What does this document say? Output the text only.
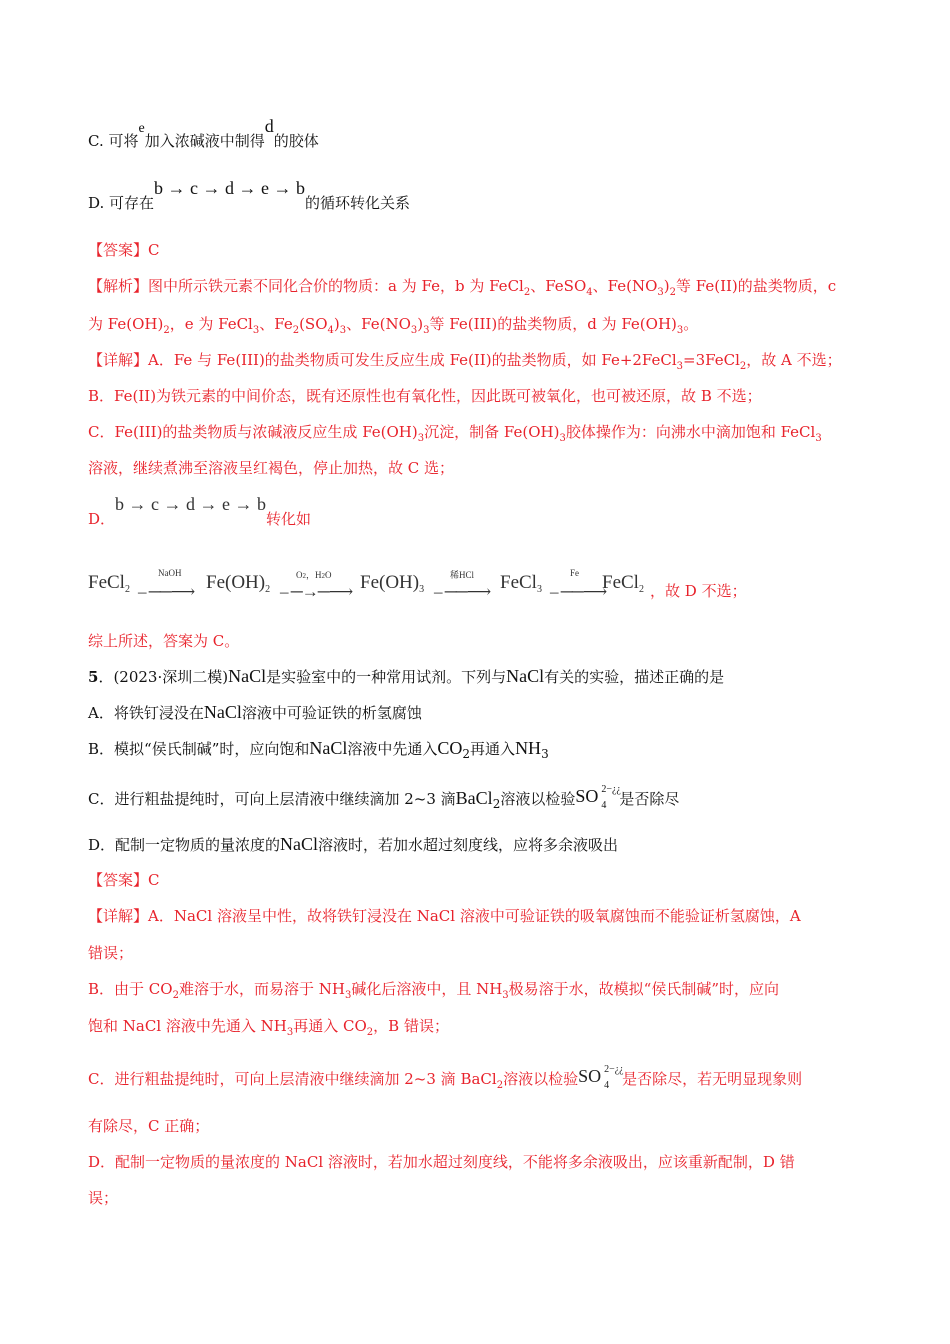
C. 可将e加入浓碱液中制得d的胶体
D. 可存在b → c → d → e → b的循环转化关系
【答案】C
【解析】图中所示铁元素不同化合价的物质：a 为 Fe，b 为 FeCl$_2$、FeSO$_4$、$Fe(NO_3)_2$等 Fe(II)的盐类物质，c
为 $Fe(OH)_2$，e 为 FeCl$_3$、$Fe_2(SO_4)_3$、$Fe(NO_3)_3$等 Fe(III)的盐类物质，d 为 $Fe(OH)_3$。
【详解】A．Fe 与 Fe(III)的盐类物质可发生反应生成 Fe(II)的盐类物质，如 Fe+2FeCl$_3$=3FeCl$_2$，故 A 不选；
B．Fe(II)为铁元素的中间价态，既有还原性也有氧化性，因此既可被氧化，也可被还原，故 B 不选；
C．Fe(III)的盐类物质与浓碱液反应生成 $Fe(OH)_3$沉淀，制备 $Fe(OH)_3$胶体操作为：向沸水中滴加饱和 FeCl$_3$
溶液，继续煮沸至溶液呈红褐色，停止加热，故 C 选；
D．b → c → d → e → b转化如
FeCl$_2$
NaOH
– ──⟶ $Fe(OH)_2$
O2，H2O
– ─→─⟶ $Fe(OH)_3$
稀HCl
– ──⟶ FeCl$_3$
Fe
– ──⟶
FeCl$_2$ ，故 D 不选；
综上所述，答案为 C。
5．(2023·深圳二模)NaCl是实验室中的一种常用试剂。下列与NaCl有关的实验，描述正确的是
A．将铁钉浸没在NaCl溶液中可验证铁的析氢腐蚀
B．模拟“侯氏制碱”时，应向饱和NaCl溶液中先通入$CO_2$再通入$NH_3$
C．进行粗盐提纯时，可向上层清液中继续滴加 2~3 滴BaCl$_2$溶液以检验 SO 2−¿¿
4 是否除尽
D．配制一定物质的量浓度的NaCl溶液时，若加水超过刻度线，应将多余液吸出
【答案】C
【详解】A．NaCl 溶液呈中性，故将铁钉浸没在 NaCl 溶液中可验证铁的吸氧腐蚀而不能验证析氢腐蚀，A
错误；
B．由于 $CO_2$难溶于水，而易溶于 $NH_3$碱化后溶液中，且 $NH_3$极易溶于水，故模拟“侯氏制碱”时，应向
饱和 NaCl 溶液中先通入 $NH_3$再通入 $CO_2$，B 错误；
C．进行粗盐提纯时，可向上层清液中继续滴加 2~3 滴 BaCl$_2$溶液以检验 SO 2−¿¿
4 是否除尽，若无明显现象则
有除尽，C 正确；
D．配制一定物质的量浓度的 NaCl 溶液时，若加水超过刻度线，不能将多余液吸出，应该重新配制，D 错
误；
